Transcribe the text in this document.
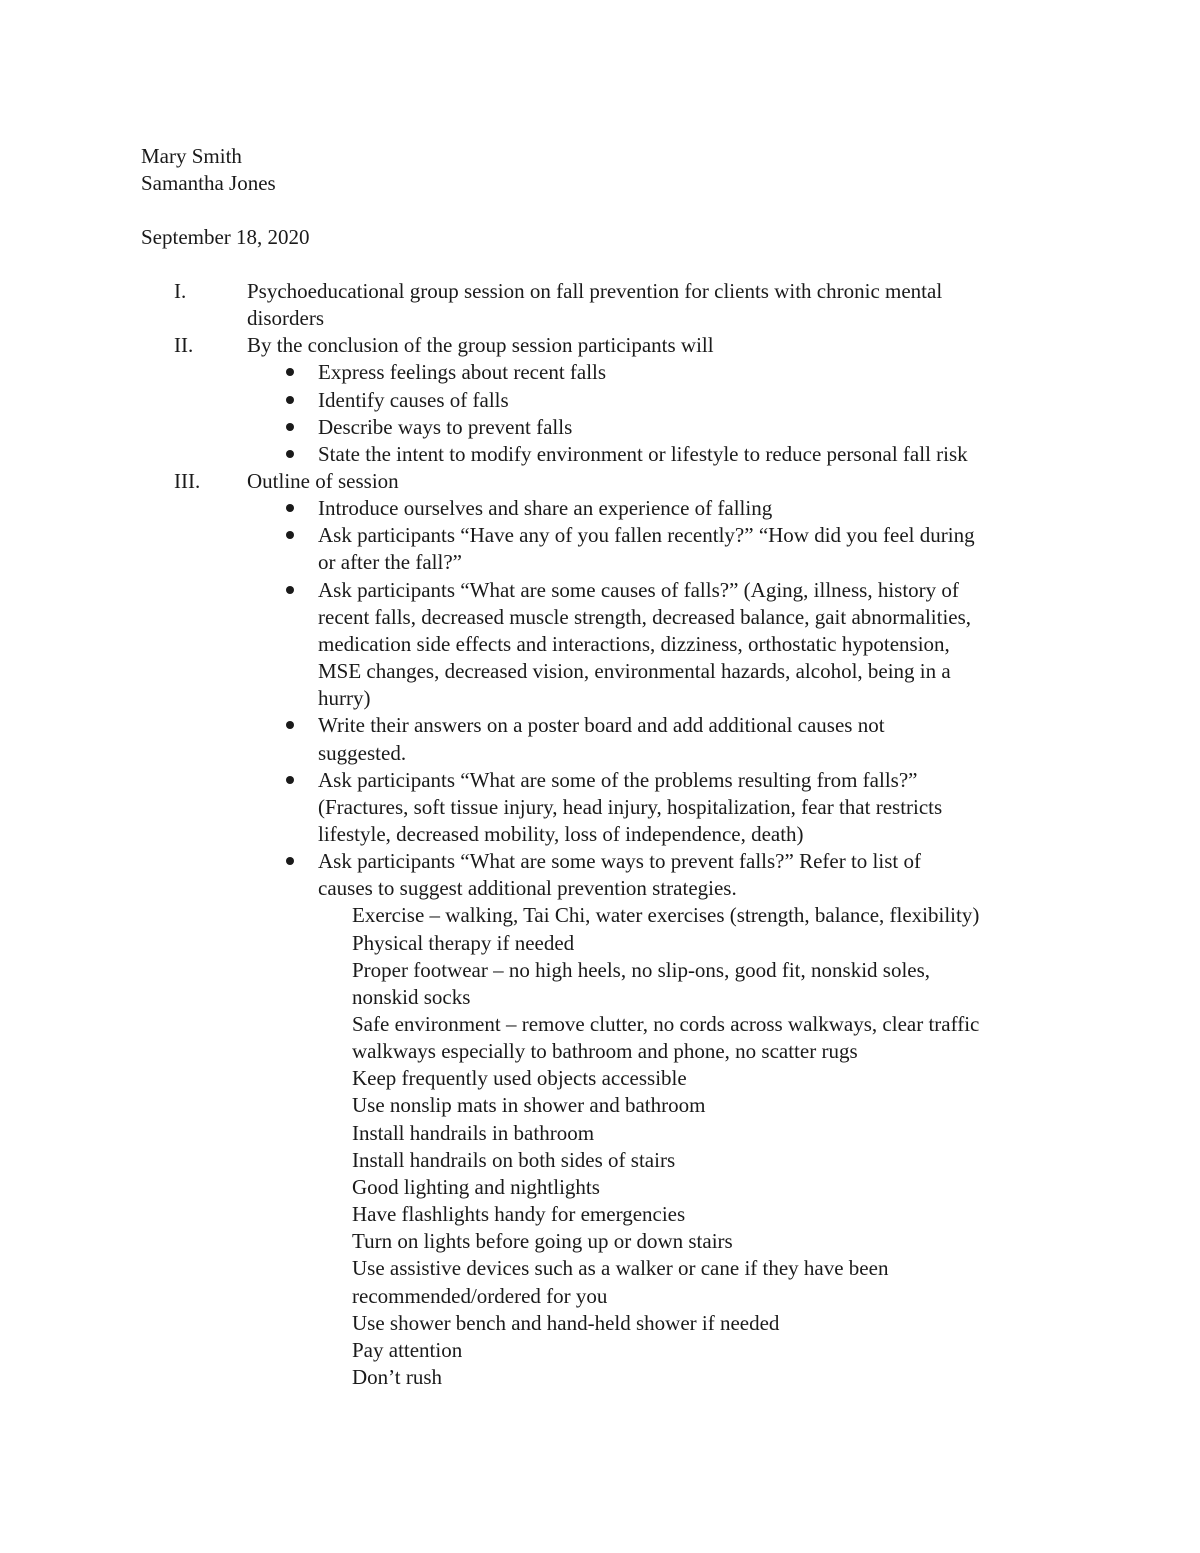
Mary Smith
Samantha Jones
September 18, 2020
I.	Psychoeducational group session on fall prevention for clients with chronic mental
disorders
II.	By the conclusion of the group session participants will
Express feelings about recent falls
Identify causes of falls
Describe ways to prevent falls
State the intent to modify environment or lifestyle to reduce personal fall risk
III. Outline of session
Introduce ourselves and share an experience of falling
Ask participants “Have any of you fallen recently?” “How did you feel during
or after the fall?”
Ask participants “What are some causes of falls?” (Aging, illness, history of
recent falls, decreased muscle strength, decreased balance, gait abnormalities,
medication side effects and interactions, dizziness, orthostatic hypotension,
MSE changes, decreased vision, environmental hazards, alcohol, being in a
hurry)
Write their answers on a poster board and add additional causes not
suggested.
Ask participants “What are some of the problems resulting from falls?”
(Fractures, soft tissue injury, head injury, hospitalization, fear that restricts
lifestyle, decreased mobility, loss of independence, death)
Ask participants “What are some ways to prevent falls?” Refer to list of
causes to suggest additional prevention strategies.
Exercise – walking, Tai Chi, water exercises (strength, balance, flexibility)
Physical therapy if needed
Proper footwear – no high heels, no slip-ons, good fit, nonskid soles,
nonskid socks
Safe environment – remove clutter, no cords across walkways, clear traffic
walkways especially to bathroom and phone, no scatter rugs
Keep frequently used objects accessible
Use nonslip mats in shower and bathroom
Install handrails in bathroom
Install handrails on both sides of stairs
Good lighting and nightlights
Have flashlights handy for emergencies
Turn on lights before going up or down stairs
Use assistive devices such as a walker or cane if they have been
recommended/ordered for you
Use shower bench and hand-held shower if needed
Pay attention
Don’t rush
